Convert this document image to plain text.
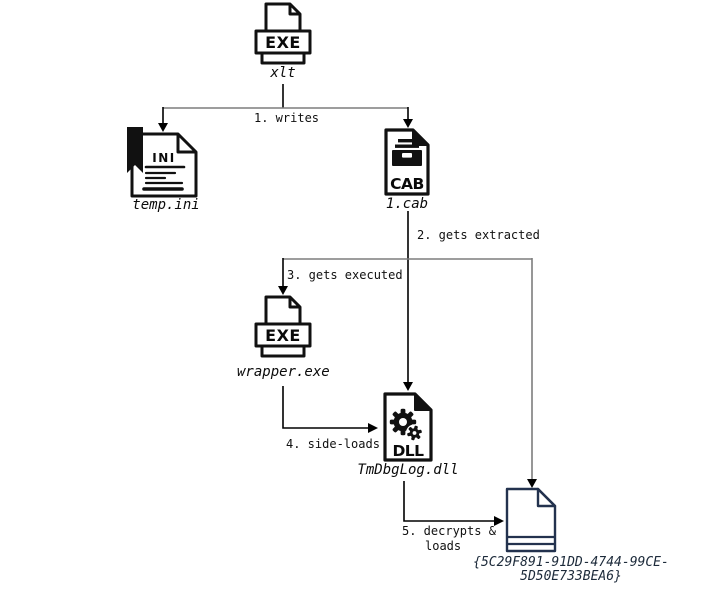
EXE
xlt
INI
temp.ini
CAB
1.cab
1. writes
2. gets extracted
3. gets executed
EXE
wrapper.exe
4. side-loads DLL
TmDbgLog.dll
5. decrypts &
loads
{5C29F891-91DD-4744-99CE-
5D50E733BEA6}
